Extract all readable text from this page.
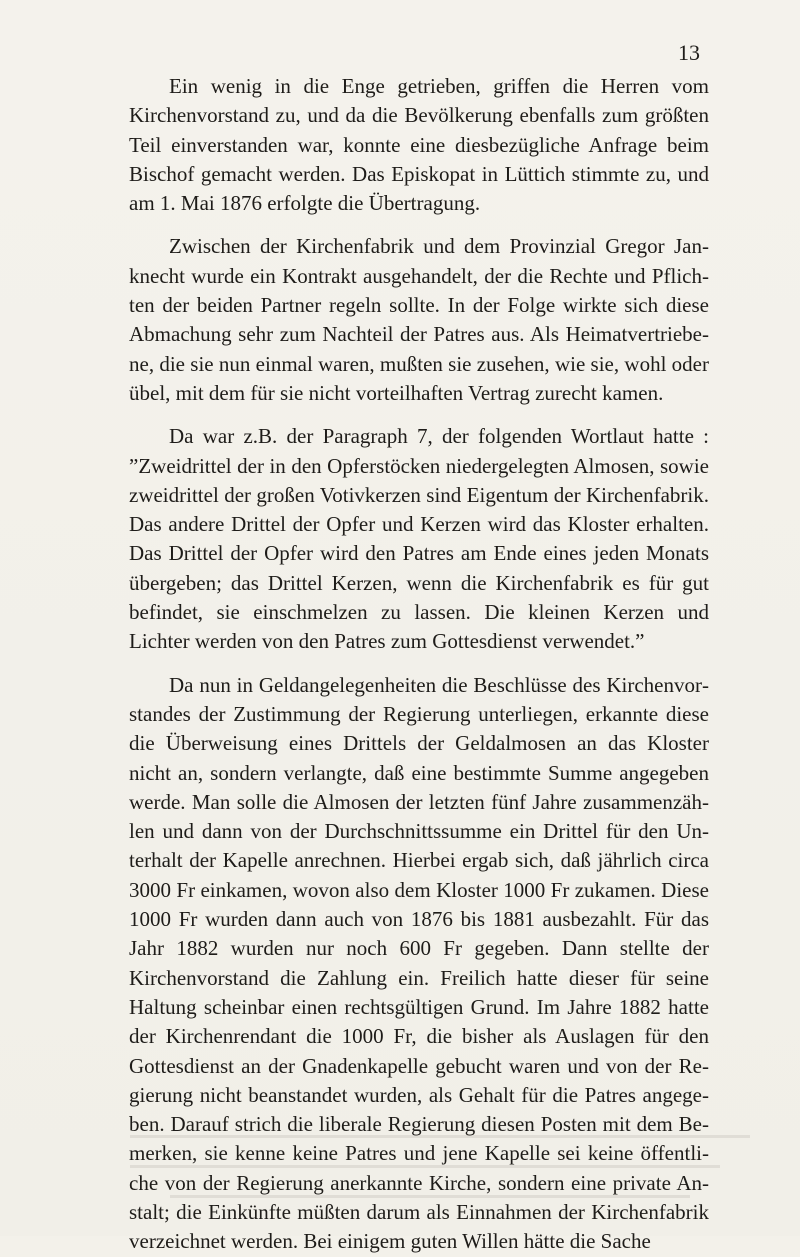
13

Ein wenig in die Enge getrieben, griffen die Herren vom Kirchenvorstand zu, und da die Bevölkerung ebenfalls zum größten Teil einverstanden war, konnte eine diesbezügliche Anfrage beim Bischof gemacht werden. Das Episkopat in Lüttich stimmte zu, und am 1. Mai 1876 erfolgte die Übertragung.

Zwischen der Kirchenfabrik und dem Provinzial Gregor Janknecht wurde ein Kontrakt ausgehandelt, der die Rechte und Pflichten der beiden Partner regeln sollte. In der Folge wirkte sich diese Abmachung sehr zum Nachteil der Patres aus. Als Heimatvertriebene, die sie nun einmal waren, mußten sie zusehen, wie sie, wohl oder übel, mit dem für sie nicht vorteilhaften Vertrag zurecht kamen.

Da war z.B. der Paragraph 7, der folgenden Wortlaut hatte : ”Zweidrittel der in den Opferstöcken niedergelegten Almosen, sowie zweidrittel der großen Votivkerzen sind Eigentum der Kirchenfabrik. Das andere Drittel der Opfer und Kerzen wird das Kloster erhalten. Das Drittel der Opfer wird den Patres am Ende eines jeden Monats übergeben; das Drittel Kerzen, wenn die Kirchenfabrik es für gut befindet, sie einschmelzen zu lassen. Die kleinen Kerzen und Lichter werden von den Patres zum Gottesdienst verwendet.”

Da nun in Geldangelegenheiten die Beschlüsse des Kirchenvorstandes der Zustimmung der Regierung unterliegen, erkannte diese die Überweisung eines Drittels der Geldalmosen an das Kloster nicht an, sondern verlangte, daß eine bestimmte Summe angegeben werde. Man solle die Almosen der letzten fünf Jahre zusammenzählen und dann von der Durchschnittssumme ein Drittel für den Unterhalt der Kapelle anrechnen. Hierbei ergab sich, daß jährlich circa 3000 Fr einkamen, wovon also dem Kloster 1000 Fr zukamen. Diese 1000 Fr wurden dann auch von 1876 bis 1881 ausbezahlt. Für das Jahr 1882 wurden nur noch 600 Fr gegeben. Dann stellte der Kirchenvorstand die Zahlung ein. Freilich hatte dieser für seine Haltung scheinbar einen rechtsgültigen Grund. Im Jahre 1882 hatte der Kirchenrendant die 1000 Fr, die bisher als Auslagen für den Gottesdienst an der Gnadenkapelle gebucht waren und von der Regierung nicht beanstandet wurden, als Gehalt für die Patres angegeben. Darauf strich die liberale Regierung diesen Posten mit dem Bemerken, sie kenne keine Patres und jene Kapelle sei keine öffentliche von der Regierung anerkannte Kirche, sondern eine private Anstalt; die Einkünfte müßten darum als Einnahmen der Kirchenfabrik verzeichnet werden. Bei einigem guten Willen hätte die Sache
